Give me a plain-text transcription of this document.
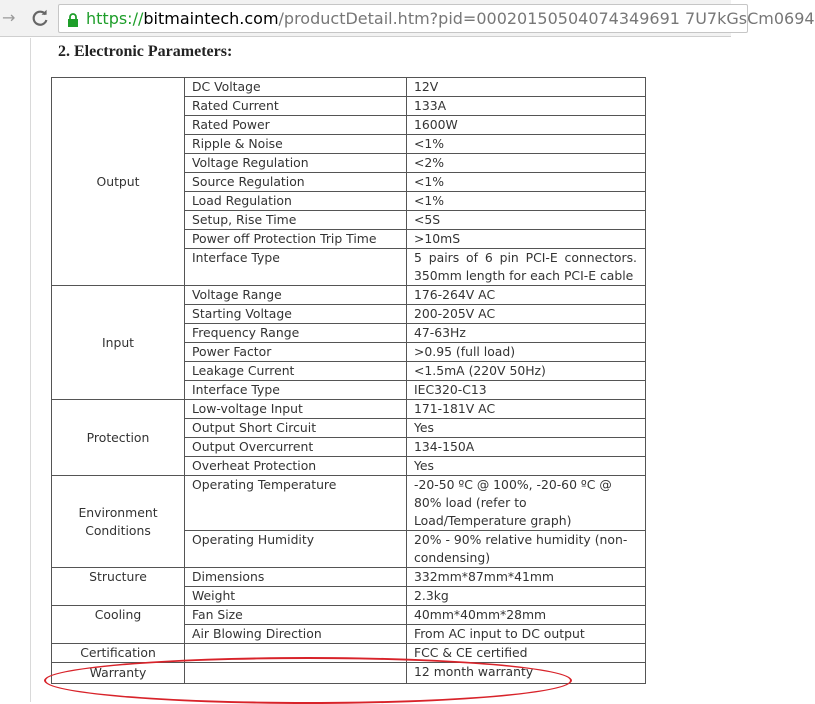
→	https://bitmaintech.com/productDetail.htm?pid=00020150504074349691 7U7kGsCm0694
2. Electronic Parameters:
Output	DC Voltage	12V
	Rated Current	133A
	Rated Power	1600W
	Ripple & Noise	<1%
	Voltage Regulation	<2%
	Source Regulation	<1%
	Load Regulation	<1%
	Setup, Rise Time	<5S
	Power off Protection Trip Time	>10mS
	Interface Type	5 pairs of 6 pin PCI-E connectors. 350mm length for each PCI-E cable
Input	Voltage Range	176-264V AC
	Starting Voltage	200-205V AC
	Frequency Range	47-63Hz
	Power Factor	>0.95 (full load)
	Leakage Current	<1.5mA (220V 50Hz)
	Interface Type	IEC320-C13
Protection	Low-voltage Input	171-181V AC
	Output Short Circuit	Yes
	Output Overcurrent	134-150A
	Overheat Protection	Yes
Environment Conditions	Operating Temperature	-20-50 ºC @ 100%, -20-60 ºC @ 80% load (refer to Load/Temperature graph)
	Operating Humidity	20% - 90% relative humidity (non-condensing)
Structure	Dimensions	332mm*87mm*41mm
	Weight	2.3kg
Cooling	Fan Size	40mm*40mm*28mm
	Air Blowing Direction	From AC input to DC output
Certification		FCC & CE certified
Warranty		12 month warranty
